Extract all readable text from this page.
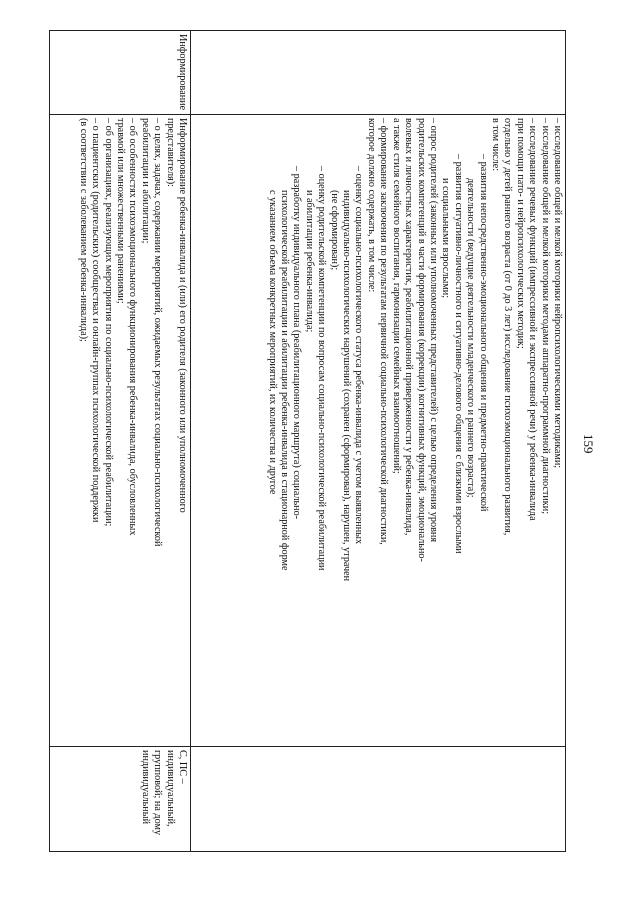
159
– исследование общей и мелкой моторики нейропсихологическими методиками;
– исследование общей и мелкой моторики методами аппаратно-программной диагностики;
– исследование речевых функций (импрессивной и экспрессивной речи) у ребенка-инвалида
при помощи пато- и нейропсихологических методик;
отдельно у детей раннего возраста (от 0 до 3 лет) исследование психоэмоционального развития,
в том числе:
– развития непосредственно-эмоционального общения и предметно-практической
деятельности (ведущие деятельности младенческого и раннего возраста);
– развития ситуативно-личностного и ситуативно-делового общения с близкими взрослыми
и социальными взрослыми;
– опрос родителей (законных или уполномоченных представителей) с целью определения уровня
родительских компетенций в части формирования (коррекции) когнитивных функций, эмоционально-
волевых и личностных характеристик, реабилитационной приверженности у ребенка-инвалида,
а также стиля семейного воспитания, гармонизации семейных взаимоотношений;
– формирование заключения по результатам первичной социально-психологической диагностики,
которое должно содержать, в том числе:
– оценку социально-психологического статуса ребенка-инвалида с учетом выявленных
индивидуально-психологических нарушений (сохранен (сформирован), нарушен, утрачен
(не сформирован);
– оценку родительской компетенции по вопросам социально-психологической реабилитации
и абилитации ребенка-инвалида;
– разработку индивидуального плана (реабилитационного маршрута) социально-
психологической реабилитации и абилитации ребенка-инвалида в стационарной форме
с указанием объема конкретных мероприятий, их количества и другое
Информирование
Информирование ребенка-инвалида и (или) его родителя (законного или уполномоченного
представителя):
– о целях, задачах, содержании мероприятий, ожидаемых результатах социально-психологической
реабилитации и абилитации;
– об особенностях психоэмоционального функционирования ребенка-инвалида, обусловленных
травмой или множественными ранениями;
– об организациях, реализующих мероприятия по социально-психологической реабилитации;
– о пациентских (родительских) сообществах и онлайн-группах психологической поддержки
(в соответствии с заболеванием ребенка-инвалида);
С, ПС – индивидуальный, групповой; на дому индивидуальный
